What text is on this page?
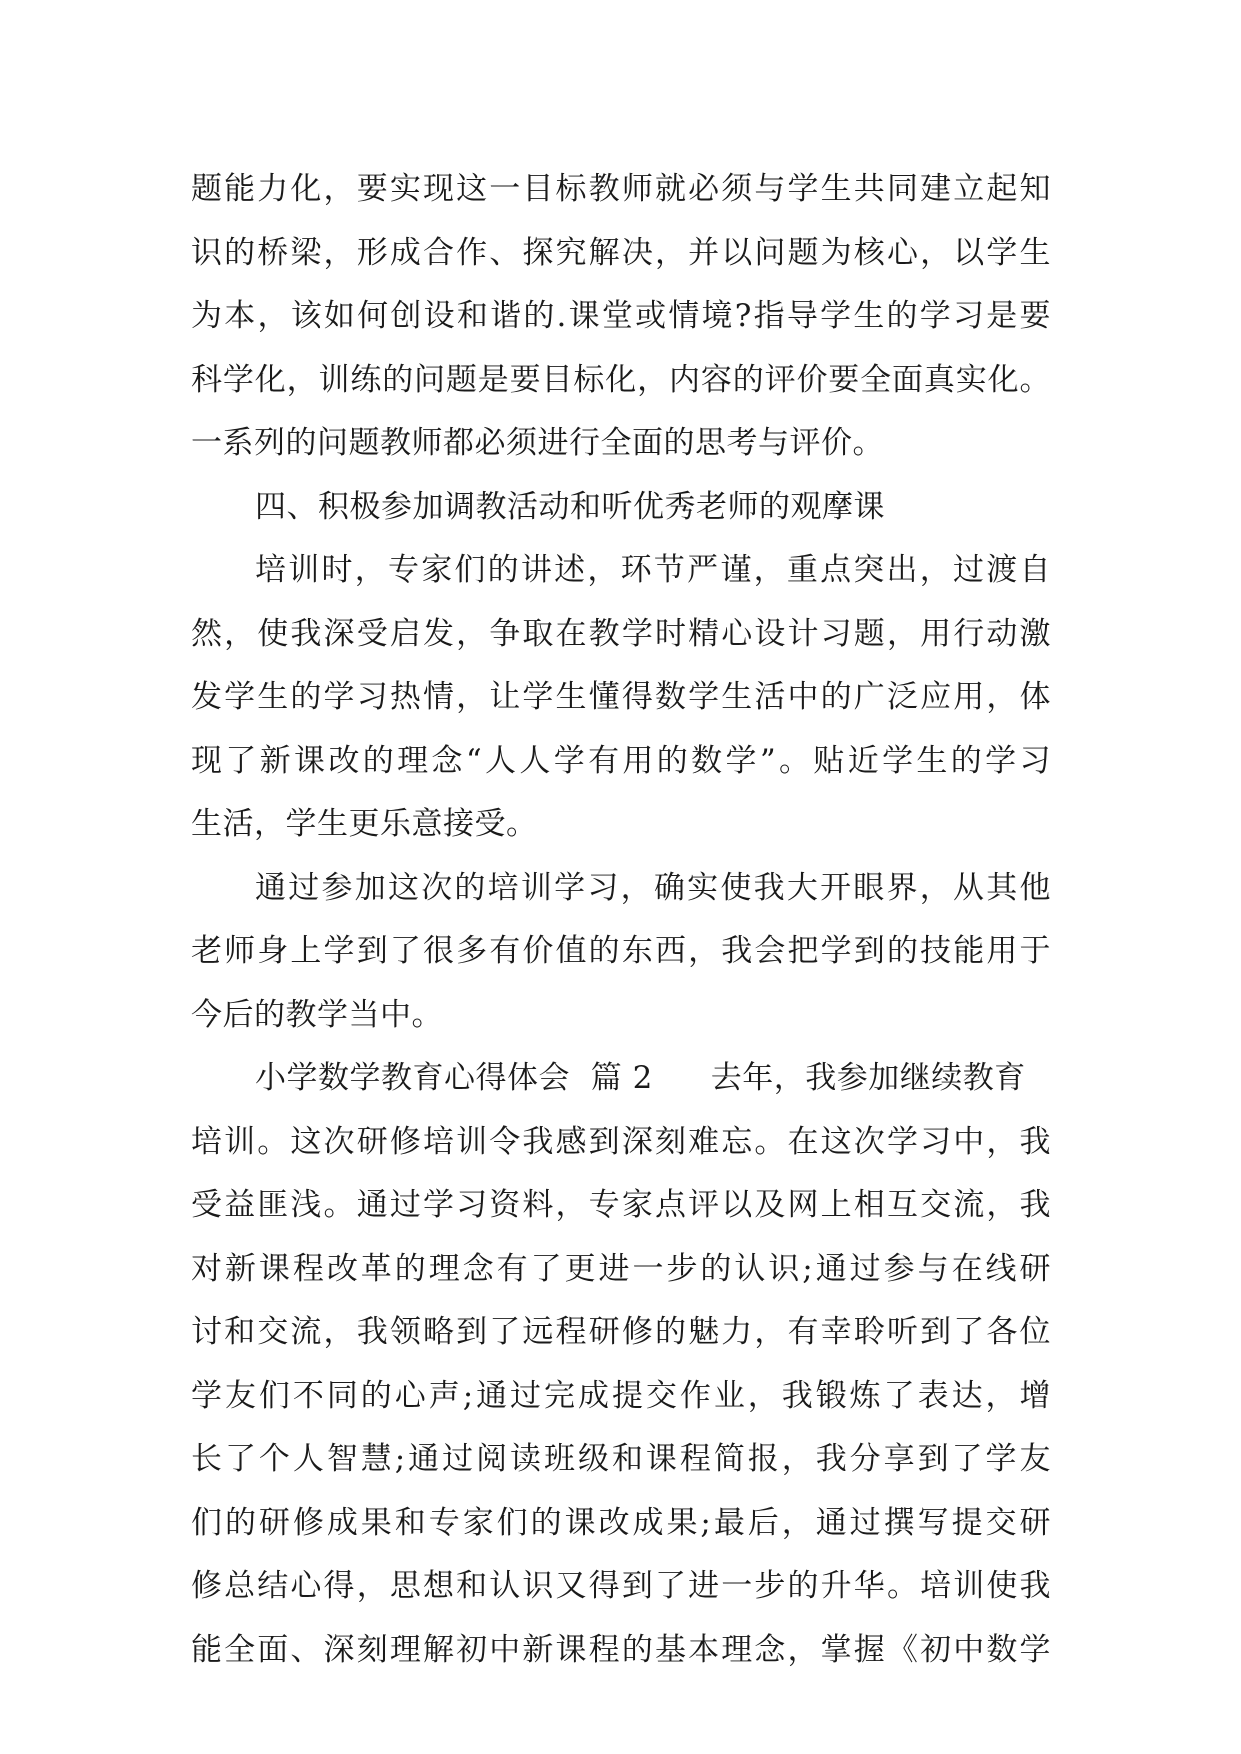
题能力化，要实现这一目标教师就必须与学生共同建立起知
识的桥梁，形成合作、探究解决，并以问题为核心，以学生
为本，该如何创设和谐的.课堂或情境?指导学生的学习是要
科学化，训练的问题是要目标化，内容的评价要全面真实化。
一系列的问题教师都必须进行全面的思考与评价。
四、积极参加调教活动和听优秀老师的观摩课
培训时，专家们的讲述，环节严谨，重点突出，过渡自
然，使我深受启发，争取在教学时精心设计习题，用行动激
发学生的学习热情，让学生懂得数学生活中的广泛应用，体
现了新课改的理念“人人学有用的数学”。贴近学生的学习
生活，学生更乐意接受。
通过参加这次的培训学习，确实使我大开眼界，从其他
老师身上学到了很多有价值的东西，我会把学到的技能用于
今后的教学当中。
小学数学教育心得体会 篇 2 去年，我参加继续教育
培训。这次研修培训令我感到深刻难忘。在这次学习中，我
受益匪浅。通过学习资料，专家点评以及网上相互交流，我
对新课程改革的理念有了更进一步的认识;通过参与在线研
讨和交流，我领略到了远程研修的魅力，有幸聆听到了各位
学友们不同的心声;通过完成提交作业，我锻炼了表达，增
长了个人智慧;通过阅读班级和课程简报，我分享到了学友
们的研修成果和专家们的课改成果;最后，通过撰写提交研
修总结心得，思想和认识又得到了进一步的升华。培训使我
能全面、深刻理解初中新课程的基本理念，掌握《初中数学
